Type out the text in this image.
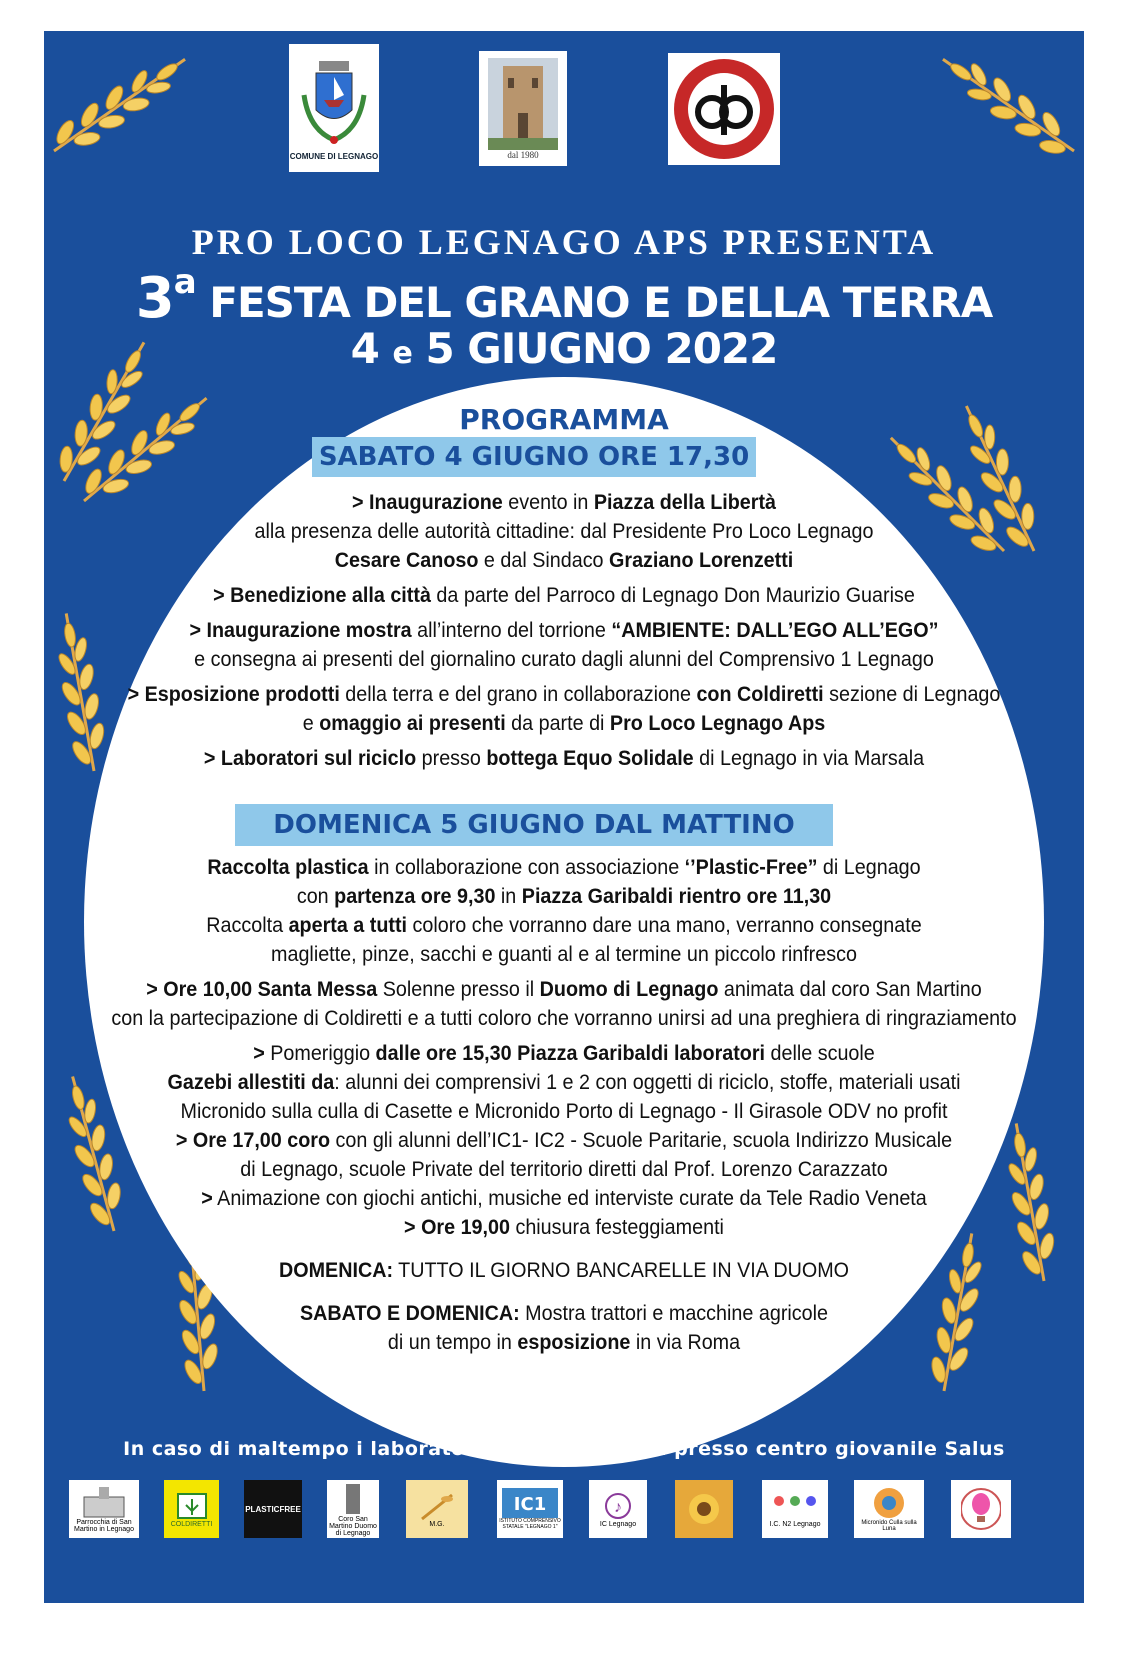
COMUNE DI LEGNAGO	dal 1980
PRO LOCO LEGNAGO APS PRESENTA
3$^a$ FESTA DEL GRANO E DELLA TERRA
4 e 5 GIUGNO 2022
PROGRAMMA
SABATO 4 GIUGNO ORE 17,30
> Inaugurazione evento in Piazza della Libertà
alla presenza delle autorità cittadine: dal Presidente Pro Loco Legnago
Cesare Canoso e dal Sindaco Graziano Lorenzetti
> Benedizione alla città da parte del Parroco di Legnago Don Maurizio Guarise
> Inaugurazione mostra all’interno del torrione “AMBIENTE: DALL’EGO ALL’EGO”
e consegna ai presenti del giornalino curato dagli alunni del Comprensivo 1 Legnago
> Esposizione prodotti della terra e del grano in collaborazione con Coldiretti sezione di Legnago
e omaggio ai presenti da parte di Pro Loco Legnago Aps
> Laboratori sul riciclo presso bottega Equo Solidale di Legnago in via Marsala
DOMENICA 5 GIUGNO DAL MATTINO
Raccolta plastica in collaborazione con associazione ‘’Plastic-Free” di Legnago
con partenza ore 9,30 in Piazza Garibaldi rientro ore 11,30
Raccolta aperta a tutti coloro che vorranno dare una mano, verranno consegnate
magliette, pinze, sacchi e guanti al e al termine un piccolo rinfresco
> Ore 10,00 Santa Messa Solenne presso il Duomo di Legnago animata dal coro San Martino
con la partecipazione di Coldiretti e a tutti coloro che vorranno unirsi ad una preghiera di ringraziamento
> Pomeriggio dalle ore 15,30 Piazza Garibaldi laboratori delle scuole
Gazebi allestiti da: alunni dei comprensivi 1 e 2 con oggetti di riciclo, stoffe, materiali usati
Micronido sulla culla di Casette e Micronido Porto di Legnago - Il Girasole ODV no profit
> Ore 17,00 coro con gli alunni dell’IC1- IC2 - Scuole Paritarie, scuola Indirizzo Musicale
di Legnago, scuole Private del territorio diretti dal Prof. Lorenzo Carazzato
> Animazione con giochi antichi, musiche ed interviste curate da Tele Radio Veneta
> Ore 19,00 chiusura festeggiamenti
DOMENICA: TUTTO IL GIORNO BANCARELLE IN VIA DUOMO
SABATO E DOMENICA: Mostra trattori e macchine agricole
di un tempo in esposizione in via Roma
In caso di maltempo i laboratori saranno esposti presso centro giovanile Salus
Parrocchia di San Martino in Legnago
COLDIRETTI
PLASTICFREE
Coro San Martino Duomo di Legnago
M.G.
IC1
ISTITUTO COMPRENSIVO STATALE "LEGNAGO 1"
♪
IC Legnago	I.C. N2 Legnago	Micronido Culla sulla Luna
